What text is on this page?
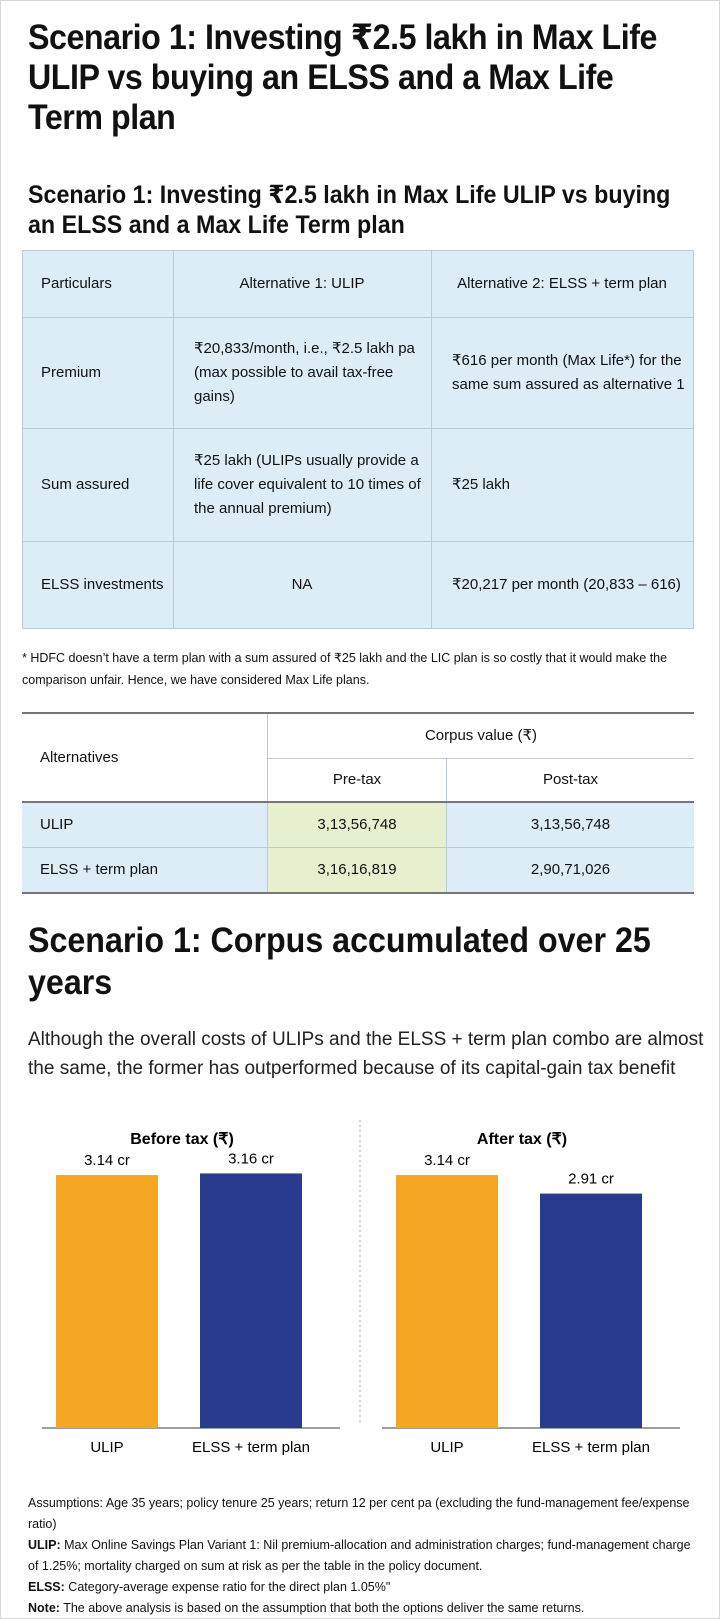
Scenario 1: Investing ₹2.5 lakh in Max Life ULIP vs buying an ELSS and a Max Life Term plan
Scenario 1: Investing ₹2.5 lakh in Max Life ULIP vs buying an ELSS and a Max Life Term plan
Particulars	Alternative 1: ULIP	Alternative 2: ELSS + term plan
Premium	₹20,833/month, i.e., ₹2.5 lakh pa (max possible to avail tax-free gains)	₹616 per month (Max Life*) for the same sum assured as alternative 1
Sum assured	₹25 lakh (ULIPs usually provide a life cover equivalent to 10 times of the annual premium)	₹25 lakh
ELSS investments	NA	₹20,217 per month (20,833 – 616)
* HDFC doesn’t have a term plan with a sum assured of ₹25 lakh and the LIC plan is so costly that it would make the comparison unfair. Hence, we have considered Max Life plans.
Alternatives	Corpus value (₹)	
	Pre-tax	Post-tax
ULIP	3,13,56,748	3,13,56,748
ELSS + term plan	3,16,16,819	2,90,71,026
Scenario 1: Corpus accumulated over 25 years
Although the overall costs of ULIPs and the ELSS + term plan combo are almost the same, the former has outperformed because of its capital-gain tax benefit
Before tax (₹)
3.14 cr
ULIP
3.16 cr
ELSS + term plan
After tax (₹)
3.14 cr
ULIP
2.91 cr
ELSS + term plan

Assumptions: Age 35 years; policy tenure 25 years; return 12 per cent pa (excluding the fund-management fee/expense ratio)

ULIP: Max Online Savings Plan Variant 1: Nil premium-allocation and administration charges; fund-management charge of 1.25%; mortality charged on sum at risk as per the table in the policy document.

ELSS: Category-average expense ratio for the direct plan 1.05%"

Note: The above analysis is based on the assumption that both the options deliver the same returns.
